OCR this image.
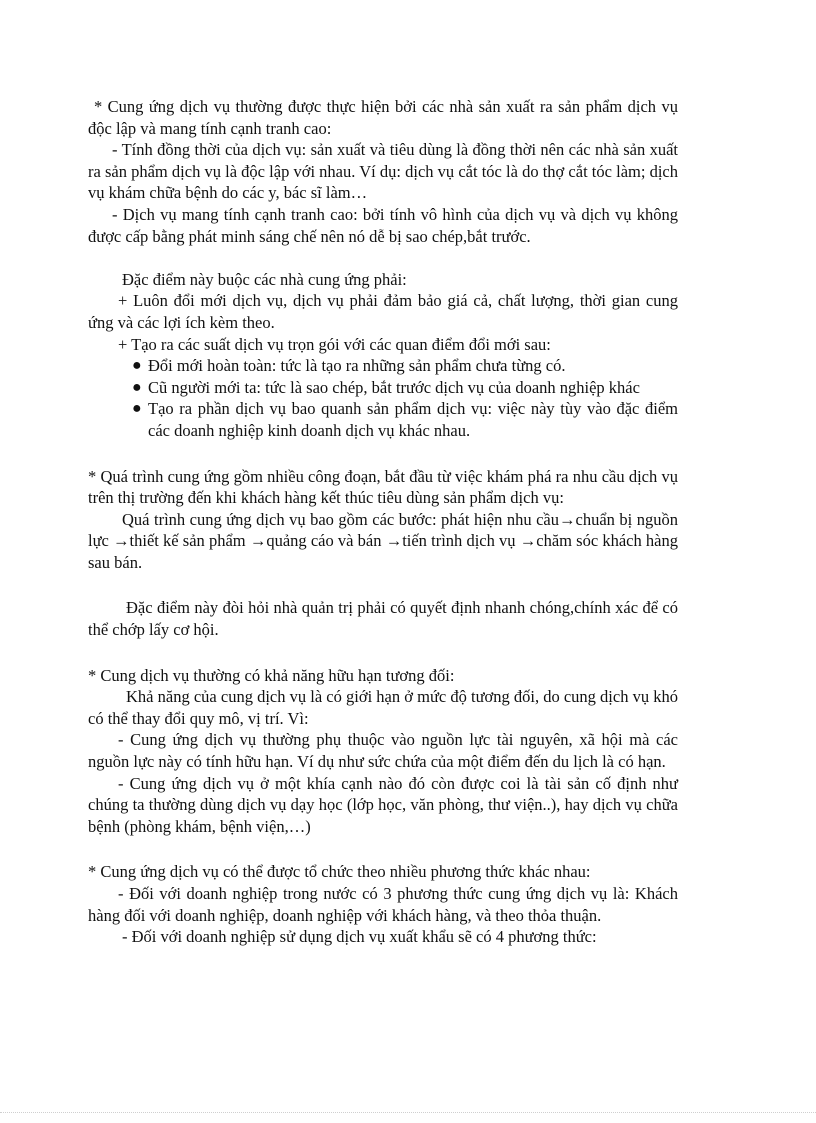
* Cung ứng dịch vụ thường được thực hiện bởi các nhà sản xuất ra sản phẩm dịch vụ độc lập và mang tính cạnh tranh cao:

- Tính đồng thời của dịch vụ: sản xuất và tiêu dùng là đồng thời nên các nhà sản xuất ra sản phẩm dịch vụ là độc lập với nhau. Ví dụ: dịch vụ cắt tóc là do thợ cắt tóc làm; dịch vụ khám chữa bệnh do các y, bác sĩ làm…

- Dịch vụ mang tính cạnh tranh cao: bởi tính vô hình của dịch vụ và dịch vụ không được cấp bằng phát minh sáng chế nên nó dễ bị sao chép,bắt trước.

Đặc điểm này buộc các nhà cung ứng phải:

+ Luôn đổi mới dịch vụ, dịch vụ phải đảm bảo giá cả, chất lượng, thời gian cung ứng và các lợi ích kèm theo.

+ Tạo ra các suất dịch vụ trọn gói với các quan điểm đổi mới sau:

● Đổi mới hoàn toàn: tức là tạo ra những sản phẩm chưa từng có.
● Cũ người mới ta: tức là sao chép, bắt trước dịch vụ của doanh nghiệp khác
● Tạo ra phần dịch vụ bao quanh sản phẩm dịch vụ: việc này tùy vào đặc điểm các doanh nghiệp kinh doanh dịch vụ khác nhau.

* Quá trình cung ứng gồm nhiều công đoạn, bắt đầu từ việc khám phá ra nhu cầu dịch vụ trên thị trường đến khi khách hàng kết thúc tiêu dùng sản phẩm dịch vụ:

Quá trình cung ứng dịch vụ bao gồm các bước: phát hiện nhu cầu→chuẩn bị nguồn lực →thiết kế sản phẩm →quảng cáo và bán →tiến trình dịch vụ →chăm sóc khách hàng sau bán.

Đặc điểm này đòi hỏi nhà quản trị phải có quyết định nhanh chóng,chính xác để có thể chớp lấy cơ hội.

* Cung dịch vụ thường có khả năng hữu hạn tương đối:

Khả năng của cung dịch vụ là có giới hạn ở mức độ tương đối, do cung dịch vụ khó có thể thay đổi quy mô, vị trí. Vì:

- Cung ứng dịch vụ thường phụ thuộc vào nguồn lực tài nguyên, xã hội mà các nguồn lực này có tính hữu hạn. Ví dụ như sức chứa của một điểm đến du lịch là có hạn.

- Cung ứng dịch vụ ở một khía cạnh nào đó còn được coi là tài sản cố định như chúng ta thường dùng dịch vụ dạy học (lớp học, văn phòng, thư viện..), hay dịch vụ chữa bệnh (phòng khám, bệnh viện,…)

* Cung ứng dịch vụ có thể được tổ chức theo nhiều phương thức khác nhau:

- Đối với doanh nghiệp trong nước có 3 phương thức cung ứng dịch vụ là: Khách hàng đối với doanh nghiệp, doanh nghiệp với khách hàng, và theo thỏa thuận.

- Đối với doanh nghiệp sử dụng dịch vụ xuất khẩu sẽ có 4 phương thức:
